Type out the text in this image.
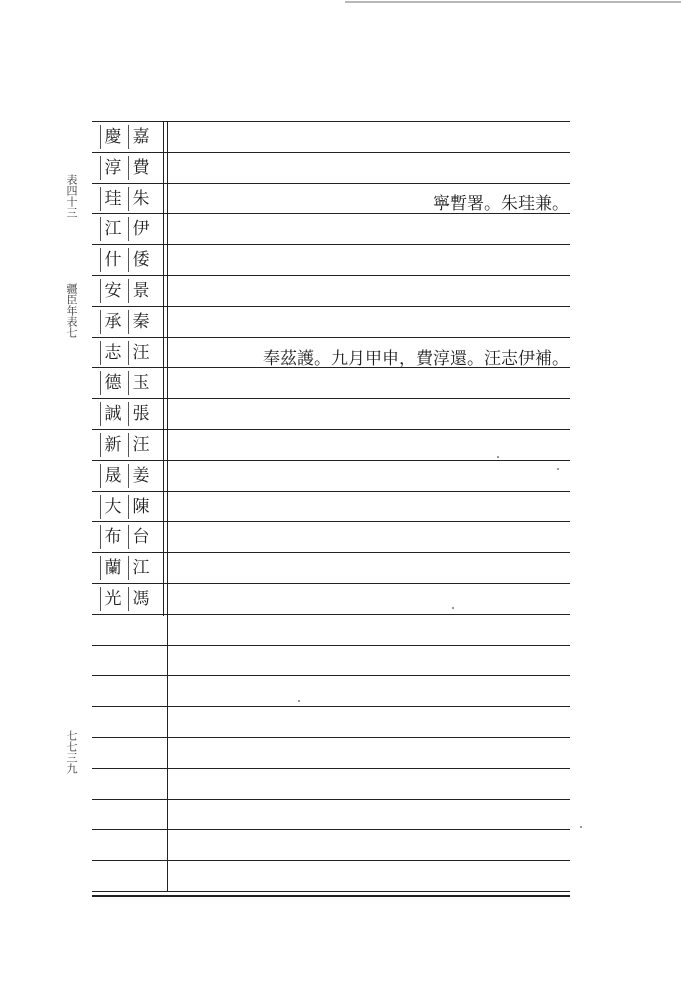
表四十三
疆臣年表七
七七三九
慶 嘉
淳 費
珪 朱
江 伊
什 倭
安 景
承 秦
志 汪
德 玉
誠 張
新 汪
晟 姜
大 陳
布 台
蘭 江
光 馮
寧暫署。朱珪兼。
奉茲護。九月甲申，費淳還。汪志伊補。
